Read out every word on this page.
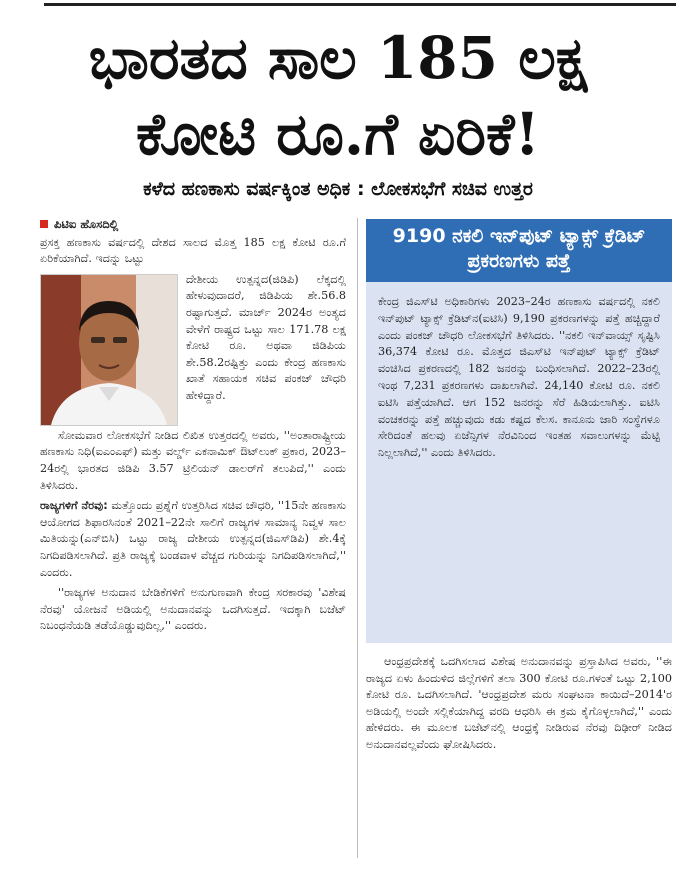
ಭಾರತದ ಸಾಲ 185 ಲಕ್ಷ
ಕೋಟಿ ರೂ.ಗೆ ಏರಿಕೆ!
ಕಳೆದ ಹಣಕಾಸು ವರ್ಷಕ್ಕಿಂತ ಅಧಿಕ : ಲೋಕಸಭೆಗೆ ಸಚಿವ ಉತ್ತರ
ಪಿಟಿಐ ಹೊಸದಿಲ್ಲಿ

ಪ್ರಸಕ್ತ ಹಣಕಾಸು ವರ್ಷದಲ್ಲಿ ದೇಶದ ಸಾಲದ ಮೊತ್ತ 185 ಲಕ್ಷ ಕೋಟಿ ರೂ.ಗೆ ಏರಿಕೆಯಾಗಿದೆ. ಇದನ್ನು ಒಟ್ಟು

ದೇಶೀಯ ಉತ್ಪನ್ನದ(ಜಿಡಿಪಿ) ಲೆಕ್ಕದಲ್ಲಿ ಹೇಳುವುದಾದರೆ, ಜಿಡಿಪಿಯ ಶೇ.56.8 ರಷ್ಟಾಗುತ್ತದೆ. ಮಾರ್ಚ್ 2024ರ ಅಂತ್ಯದ ವೇಳೆಗೆ ರಾಷ್ಟ್ರದ ಒಟ್ಟು ಸಾಲ 171.78 ಲಕ್ಷ ಕೋಟಿ ರೂ. ಅಥವಾ ಜಿಡಿಪಿಯ ಶೇ.58.2ರಷ್ಟಿತ್ತು ಎಂದು ಕೇಂದ್ರ ಹಣಕಾಸು ಖಾತೆ ಸಹಾಯಕ ಸಚಿವ ಪಂಕಜ್ ಚೌಧರಿ ಹೇಳಿದ್ದಾರೆ.

ಸೋಮವಾರ ಲೋಕಸಭೆಗೆ ನೀಡಿದ ಲಿಖಿತ ಉತ್ತರದಲ್ಲಿ ಅವರು, ''ಅಂತಾರಾಷ್ಟ್ರೀಯ ಹಣಕಾಸು ನಿಧಿ(ಐಎಂಎಫ್) ಮತ್ತು ವರ್ಲ್ಡ್ ಎಕನಾಮಿಕ್ ಔಟ್‌ಲುಕ್ ಪ್ರಕಾರ, 2023–24ರಲ್ಲಿ ಭಾರತದ ಜಿಡಿಪಿ 3.57 ಟ್ರಿಲಿಯನ್ ಡಾಲರ್‌ಗೆ ತಲುಪಿದೆ,'' ಎಂದು ತಿಳಿಸಿದರು.

ರಾಜ್ಯಗಳಿಗೆ ನೆರವು: ಮತ್ತೊಂದು ಪ್ರಶ್ನೆಗೆ ಉತ್ತರಿಸಿದ ಸಚಿವ ಚೌಧರಿ, ''15ನೇ ಹಣಕಾಸು ಆಯೋಗದ ಶಿಫಾರಸಿನಂತೆ 2021–22ನೇ ಸಾಲಿಗೆ ರಾಜ್ಯಗಳ ಸಾಮಾನ್ಯ ನಿವ್ವಳ ಸಾಲ ಮಿತಿಯನ್ನು(ಎನ್‌ಬಿಸಿ) ಒಟ್ಟು ರಾಜ್ಯ ದೇಶೀಯ ಉತ್ಪನ್ನದ(ಜಿಎಸ್‌ಡಿಪಿ) ಶೇ.4ಕ್ಕೆ ನಿಗದಿಪಡಿಸಲಾಗಿದೆ. ಪ್ರತಿ ರಾಜ್ಯಕ್ಕೆ ಬಂಡವಾಳ ವೆಚ್ಚದ ಗುರಿಯನ್ನು ನಿಗದಿಪಡಿಸಲಾಗಿದೆ,'' ಎಂದರು.

''ರಾಜ್ಯಗಳ ಅನುದಾನ ಬೇಡಿಕೆಗಳಿಗೆ ಅನುಗುಣವಾಗಿ ಕೇಂದ್ರ ಸರಕಾರವು 'ವಿಶೇಷ ನೆರವು' ಯೋಜನೆ ಅಡಿಯಲ್ಲಿ ಅನುದಾನವನ್ನು ಒದಗಿಸುತ್ತದೆ. ಇದಕ್ಕಾಗಿ ಬಜೆಟ್ ನಿಬಂಧನೆಯಡಿ ತಡೆಯೊಡ್ಡುವುದಿಲ್ಲ,'' ಎಂದರು.

9190 ನಕಲಿ ಇನ್‌ಪುಟ್ ಟ್ಯಾಕ್ಸ್ ಕ್ರೆಡಿಟ್ ಪ್ರಕರಣಗಳು ಪತ್ತೆ
ಕೇಂದ್ರ ಜಿಎಸ್‌ಟಿ ಅಧಿಕಾರಿಗಳು 2023–24ರ ಹಣಕಾಸು ವರ್ಷದಲ್ಲಿ ನಕಲಿ ಇನ್‌ಪುಟ್ ಟ್ಯಾಕ್ಸ್ ಕ್ರೆಡಿಟ್‌ನ(ಐಟಿಸಿ) 9,190 ಪ್ರಕರಣಗಳನ್ನು ಪತ್ತೆ ಹಚ್ಚಿದ್ದಾರೆ ಎಂದು ಪಂಕಜ್ ಚೌಧರಿ ಲೋಕಸಭೆಗೆ ತಿಳಿಸಿದರು. ''ನಕಲಿ ಇನ್‌ವಾಯ್ಸ್ ಸೃಷ್ಟಿಸಿ 36,374 ಕೋಟಿ ರೂ. ಮೊತ್ತದ ಜಿಎಸ್‌ಟಿ ಇನ್‌ಪುಟ್ ಟ್ಯಾಕ್ಸ್ ಕ್ರೆಡಿಟ್ ವಂಚಿಸಿದ ಪ್ರಕರಣದಲ್ಲಿ 182 ಜನರನ್ನು ಬಂಧಿಸಲಾಗಿದೆ. 2022–23ರಲ್ಲಿ ಇಂಥ 7,231 ಪ್ರಕರಣಗಳು ದಾಖಲಾಗಿವೆ. 24,140 ಕೋಟಿ ರೂ. ನಕಲಿ ಐಟಿಸಿ ಪತ್ತೆಯಾಗಿದೆ. ಆಗ 152 ಜನರನ್ನು ಸೆರೆ ಹಿಡಿಯಲಾಗಿತ್ತು. ಐಟಿಸಿ ವಂಚಕರನ್ನು ಪತ್ತೆ ಹಚ್ಚುವುದು ಕಡು ಕಷ್ಟದ ಕೆಲಸ. ಕಾನೂನು ಜಾರಿ ಸಂಸ್ಥೆಗಳೂ ಸೇರಿದಂತೆ ಹಲವು ಏಜೆನ್ಸಿಗಳ ನೆರವಿನಿಂದ ಇಂತಹ ಸವಾಲುಗಳನ್ನು ಮೆಟ್ಟಿ ನಿಲ್ಲಲಾಗಿದೆ,'' ಎಂದು ತಿಳಿಸಿದರು.

ಆಂಧ್ರಪ್ರದೇಶಕ್ಕೆ ಒದಗಿಸಲಾದ ವಿಶೇಷ ಅನುದಾನವನ್ನು ಪ್ರಸ್ತಾಪಿಸಿದ ಅವರು, ''ಈ ರಾಜ್ಯದ ಏಳು ಹಿಂದುಳಿದ ಜಿಲ್ಲೆಗಳಿಗೆ ತಲಾ 300 ಕೋಟಿ ರೂ.ಗಳಂತೆ ಒಟ್ಟು 2,100 ಕೋಟಿ ರೂ. ಒದಗಿಸಲಾಗಿದೆ. 'ಆಂಧ್ರಪ್ರದೇಶ ಮರು ಸಂಘಟನಾ ಕಾಯಿದೆ–2014'ರ ಅಡಿಯಲ್ಲಿ ಅಂದೇ ಸಲ್ಲಿಕೆಯಾಗಿದ್ದ ವರದಿ ಆಧರಿಸಿ ಈ ಕ್ರಮ ಕೈಗೊಳ್ಳಲಾಗಿದೆ,'' ಎಂದು ಹೇಳಿದರು. ಈ ಮೂಲಕ ಬಜೆಟ್‌ನಲ್ಲಿ ಆಂಧ್ರಕ್ಕೆ ನೀಡಿರುವ ನೆರವು ದಿಢೀರ್ ನೀಡಿದ ಅನುದಾನವಲ್ಲವೆಂದು ಘೋಷಿಸಿದರು.
